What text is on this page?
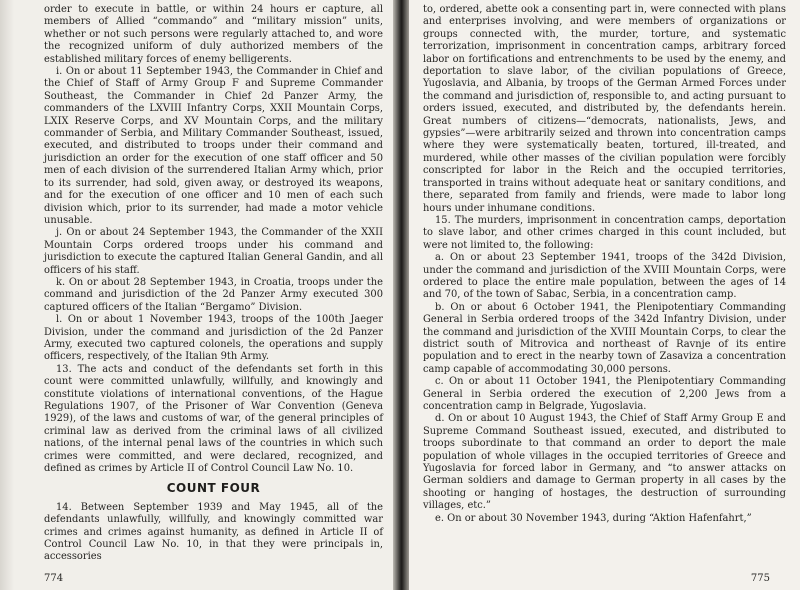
order to execute in battle, or within 24 hours er capture, all members of Allied “commando” and “military mission” units, whether or not such persons were regularly attached to, and wore the recognized uniform of duly authorized members of the established military forces of enemy belligerents.

i. On or about 11 September 1943, the Commander in Chief and the Chief of Staff of Army Group F and Supreme Commander Southeast, the Commander in Chief 2d Panzer Army, the commanders of the LXVIII Infantry Corps, XXII Mountain Corps, LXIX Reserve Corps, and XV Mountain Corps, and the military commander of Serbia, and Military Commander Southeast, issued, executed, and distributed to troops under their command and jurisdiction an order for the execution of one staff officer and 50 men of each division of the surrendered Italian Army which, prior to its surrender, had sold, given away, or destroyed its weapons, and for the execution of one officer and 10 men of each such division which, prior to its surrender, had made a motor vehicle unusable.

j. On or about 24 September 1943, the Commander of the XXII Mountain Corps ordered troops under his command and jurisdiction to execute the captured Italian General Gandin, and all officers of his staff.

k. On or about 28 September 1943, in Croatia, troops under the command and jurisdiction of the 2d Panzer Army executed 300 captured officers of the Italian “Bergamo” Division.

l. On or about 1 November 1943, troops of the 100th Jaeger Division, under the command and jurisdiction of the 2d Panzer Army, executed two captured colonels, the operations and supply officers, respectively, of the Italian 9th Army.

13. The acts and conduct of the defendants set forth in this count were committed unlawfully, willfully, and knowingly and constitute violations of international conventions, of the Hague Regulations 1907, of the Prisoner of War Convention (Geneva 1929), of the laws and customs of war, of the general principles of criminal law as derived from the criminal laws of all civilized nations, of the internal penal laws of the countries in which such crimes were committed, and were declared, recognized, and defined as crimes by Article II of Control Council Law No. 10.

COUNT FOUR

14. Between September 1939 and May 1945, all of the defendants unlawfully, willfully, and knowingly committed war crimes and crimes against humanity, as defined in Article II of Control Council Law No. 10, in that they were principals in, accessories

774

to, ordered, abette ook a consenting part in, were connected with plans and enterprises involving, and were members of organizations or groups connected with, the murder, torture, and systematic terrorization, imprisonment in concentration camps, arbitrary forced labor on fortifications and entrenchments to be used by the enemy, and deportation to slave labor, of the civilian populations of Greece, Yugoslavia, and Albania, by troops of the German Armed Forces under the command and jurisdiction of, responsible to, and acting pursuant to orders issued, executed, and distributed by, the defendants herein. Great numbers of citizens—“democrats, nationalists, Jews, and gypsies”—were arbitrarily seized and thrown into concentration camps where they were systematically beaten, tortured, ill-treated, and murdered, while other masses of the civilian population were forcibly conscripted for labor in the Reich and the occupied territories, transported in trains without adequate heat or sanitary conditions, and there, separated from family and friends, were made to labor long hours under inhumane conditions.

15. The murders, imprisonment in concentration camps, deportation to slave labor, and other crimes charged in this count included, but were not limited to, the following:

a. On or about 23 September 1941, troops of the 342d Division, under the command and jurisdiction of the XVIII Mountain Corps, were ordered to place the entire male population, between the ages of 14 and 70, of the town of Sabac, Serbia, in a concentration camp.

b. On or about 6 October 1941, the Plenipotentiary Commanding General in Serbia ordered troops of the 342d Infantry Division, under the command and jurisdiction of the XVIII Mountain Corps, to clear the district south of Mitrovica and northeast of Ravnje of its entire population and to erect in the nearby town of Zasaviza a concentration camp capable of accommodating 30,000 persons.

c. On or about 11 October 1941, the Plenipotentiary Commanding General in Serbia ordered the execution of 2,200 Jews from a concentration camp in Belgrade, Yugoslavia.

d. On or about 10 August 1943, the Chief of Staff Army Group E and Supreme Command Southeast issued, executed, and distributed to troops subordinate to that command an order to deport the male population of whole villages in the occupied territories of Greece and Yugoslavia for forced labor in Germany, and “to answer attacks on German soldiers and damage to German property in all cases by the shooting or hanging of hostages, the destruction of surrounding villages, etc.”

e. On or about 30 November 1943, during “Aktion Hafenfahrt,”

775
